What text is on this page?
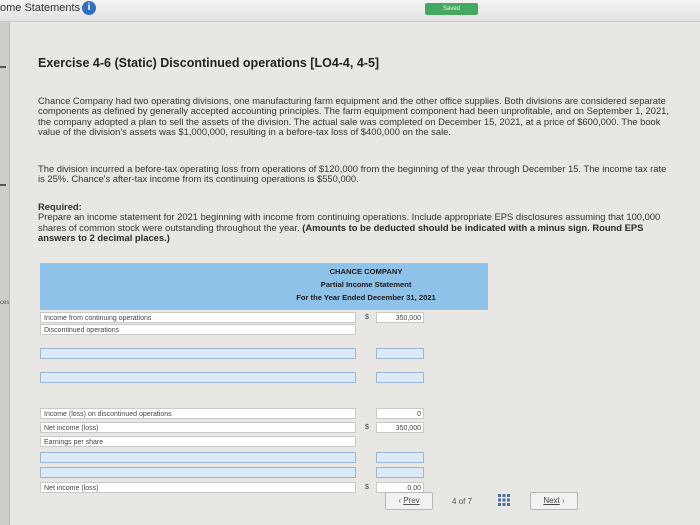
ome Statements i	Saved
ces
Exercise 4-6 (Static) Discontinued operations [LO4-4, 4-5]

Chance Company had two operating divisions, one manufacturing farm equipment and the other office supplies. Both divisions are considered separate components as defined by generally accepted accounting principles. The farm equipment component had been unprofitable, and on September 1, 2021, the company adopted a plan to sell the assets of the division. The actual sale was completed on December 15, 2021, at a price of $600,000. The book value of the division's assets was $1,000,000, resulting in a before-tax loss of $400,000 on the sale.

The division incurred a before-tax operating loss from operations of $120,000 from the beginning of the year through December 15. The income tax rate is 25%. Chance's after-tax income from its continuing operations is $550,000.

Required:
Prepare an income statement for 2021 beginning with income from continuing operations. Include appropriate EPS disclosures assuming that 100,000 shares of common stock were outstanding throughout the year. (Amounts to be deducted should be indicated with a minus sign. Round EPS answers to 2 decimal places.)
CHANCE COMPANY
Partial Income Statement
For the Year Ended December 31, 2021
Income from continuing operations	$	350,000
Discontinued operations
Income (loss) on discontinued operations	0
Net income (loss)	$	350,000
Earnings per share
Net income (loss)	$	0.00
‹ Prev	4 of 7	Next ›
